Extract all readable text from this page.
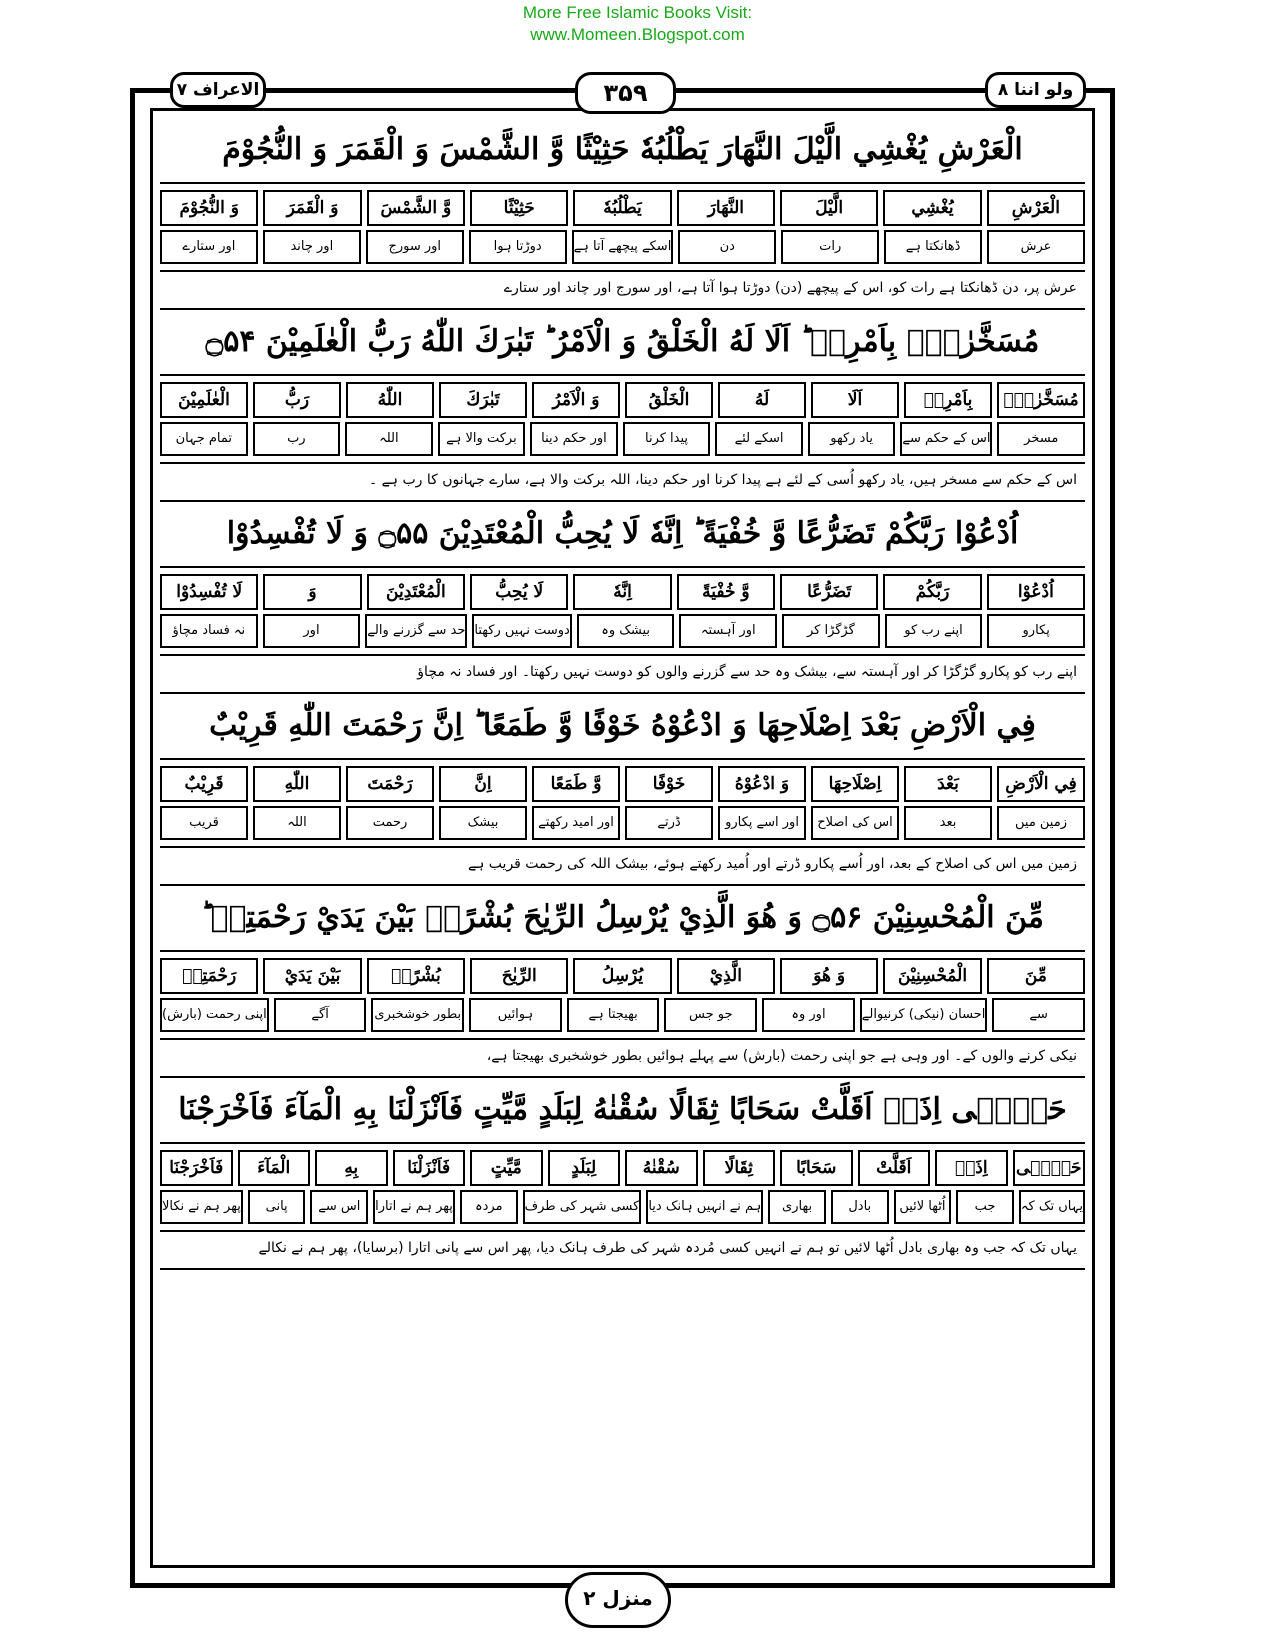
More Free Islamic Books Visit:
www.Momeen.Blogspot.com
الاعراف ۷	۳۵۹	ولو اننا ۸
الْعَرْشِ يُغْشِي الَّيْلَ النَّهَارَ يَطْلُبُهٗ حَثِيْثًا وَّ الشَّمْسَ وَ الْقَمَرَ وَ النُّجُوْمَ
الْعَرْشِ
يُغْشِي
الَّيْلَ
النَّهَارَ
يَطْلُبُهٗ
حَثِيْثًا
وَّ الشَّمْسَ
وَ الْقَمَرَ
وَ النُّجُوْمَ
عرش
ڈھانکتا ہے
رات
دن
اسکے پیچھے آتا ہے
دوڑتا ہوا
اور سورج
اور چاند
اور ستارے
عرش پر، دن ڈھانکتا ہے رات کو، اس کے پیچھے (دن) دوڑتا ہوا آتا ہے، اور سورج اور چاند اور ستارے
مُسَخَّرٰتٍۭ بِاَمْرِهٖ ؕ اَلَا لَهُ الْخَلْقُ وَ الْاَمْرُ ؕ تَبٰرَكَ اللّٰهُ رَبُّ الْعٰلَمِيْنَ ۝۵۴
مُسَخَّرٰتٍۭ
بِاَمْرِهٖ
اَلَا
لَهُ
الْخَلْقُ
وَ الْاَمْرُ
تَبٰرَكَ
اللّٰهُ
رَبُّ
الْعٰلَمِيْنَ
مسخر
اس کے حکم سے
یاد رکھو
اسکے لئے
پیدا کرنا
اور حکم دینا
برکت والا ہے
اللہ
رب
تمام جہان
اس کے حکم سے مسخر ہیں، یاد رکھو اُسی کے لئے ہے پیدا کرنا اور حکم دینا، اللہ برکت والا ہے، سارے جہانوں کا رب ہے ۔
اُدْعُوْا رَبَّكُمْ تَضَرُّعًا وَّ خُفْيَةً ؕ اِنَّهٗ لَا يُحِبُّ الْمُعْتَدِيْنَ ۝۵۵ وَ لَا تُفْسِدُوْا
اُدْعُوْا
رَبَّكُمْ
تَضَرُّعًا
وَّ خُفْيَةً
اِنَّهٗ
لَا يُحِبُّ
الْمُعْتَدِيْنَ
وَ
لَا تُفْسِدُوْا
پکارو
اپنے رب کو
گڑگڑا کر
اور آہستہ
بیشک وہ
دوست نہیں رکھتا
حد سے گزرنے والے
اور
نہ فساد مچاؤ
اپنے رب کو پکارو گڑگڑا کر اور آہستہ سے، بیشک وہ حد سے گزرنے والوں کو دوست نہیں رکھتا۔ اور فساد نہ مچاؤ
فِي الْاَرْضِ بَعْدَ اِصْلَاحِهَا وَ ادْعُوْهُ خَوْفًا وَّ طَمَعًا ؕ اِنَّ رَحْمَتَ اللّٰهِ قَرِيْبٌ
فِي الْاَرْضِ
بَعْدَ
اِصْلَاحِهَا
وَ ادْعُوْهُ
خَوْفًا
وَّ طَمَعًا
اِنَّ
رَحْمَتَ
اللّٰهِ
قَرِيْبٌ
زمین میں
بعد
اس کی اصلاح
اور اسے پکارو
ڈرتے
اور امید رکھتے
بیشک
رحمت
اللہ
قریب
زمین میں اس کی اصلاح کے بعد، اور اُسے پکارو ڈرتے اور اُمید رکھتے ہوئے، بیشک اللہ کی رحمت قریب ہے
مِّنَ الْمُحْسِنِيْنَ ۝۵۶ وَ هُوَ الَّذِيْ يُرْسِلُ الرِّيٰحَ بُشْرًاۢ بَيْنَ يَدَيْ رَحْمَتِهٖ ؕ
مِّنَ
الْمُحْسِنِيْنَ
وَ هُوَ
الَّذِيْ
يُرْسِلُ
الرِّيٰحَ
بُشْرًاۢ
بَيْنَ يَدَيْ
رَحْمَتِهٖ
سے
احسان (نیکی) کرنیوالے
اور وہ
جو جس
بھیجتا ہے
ہوائیں
بطور خوشخبری
آگے
اپنی رحمت (بارش)
نیکی کرنے والوں کے۔ اور وہی ہے جو اپنی رحمت (بارش) سے پہلے ہوائیں بطور خوشخبری بھیجتا ہے،
حَتّٰۤى اِذَاۤ اَقَلَّتْ سَحَابًا ثِقَالًا سُقْنٰهُ لِبَلَدٍ مَّيِّتٍ فَاَنْزَلْنَا بِهِ الْمَآءَ فَاَخْرَجْنَا
حَتّٰۤى
اِذَاۤ
اَقَلَّتْ
سَحَابًا
ثِقَالًا
سُقْنٰهُ
لِبَلَدٍ
مَّيِّتٍ
فَاَنْزَلْنَا
بِهِ
الْمَآءَ
فَاَخْرَجْنَا
یہاں تک کہ
جب
اُٹھا لائیں
بادل
بھاری
ہم نے انہیں ہانک دیا
کسی شہر کی طرف
مردہ
پھر ہم نے اتارا
اس سے
پانی
پھر ہم نے نکالا
یہاں تک کہ جب وہ بھاری بادل اُٹھا لائیں تو ہم نے انہیں کسی مُردہ شہر کی طرف ہانک دیا، پھر اس سے پانی اتارا (برسایا)، پھر ہم نے نکالے
منزل ۲
